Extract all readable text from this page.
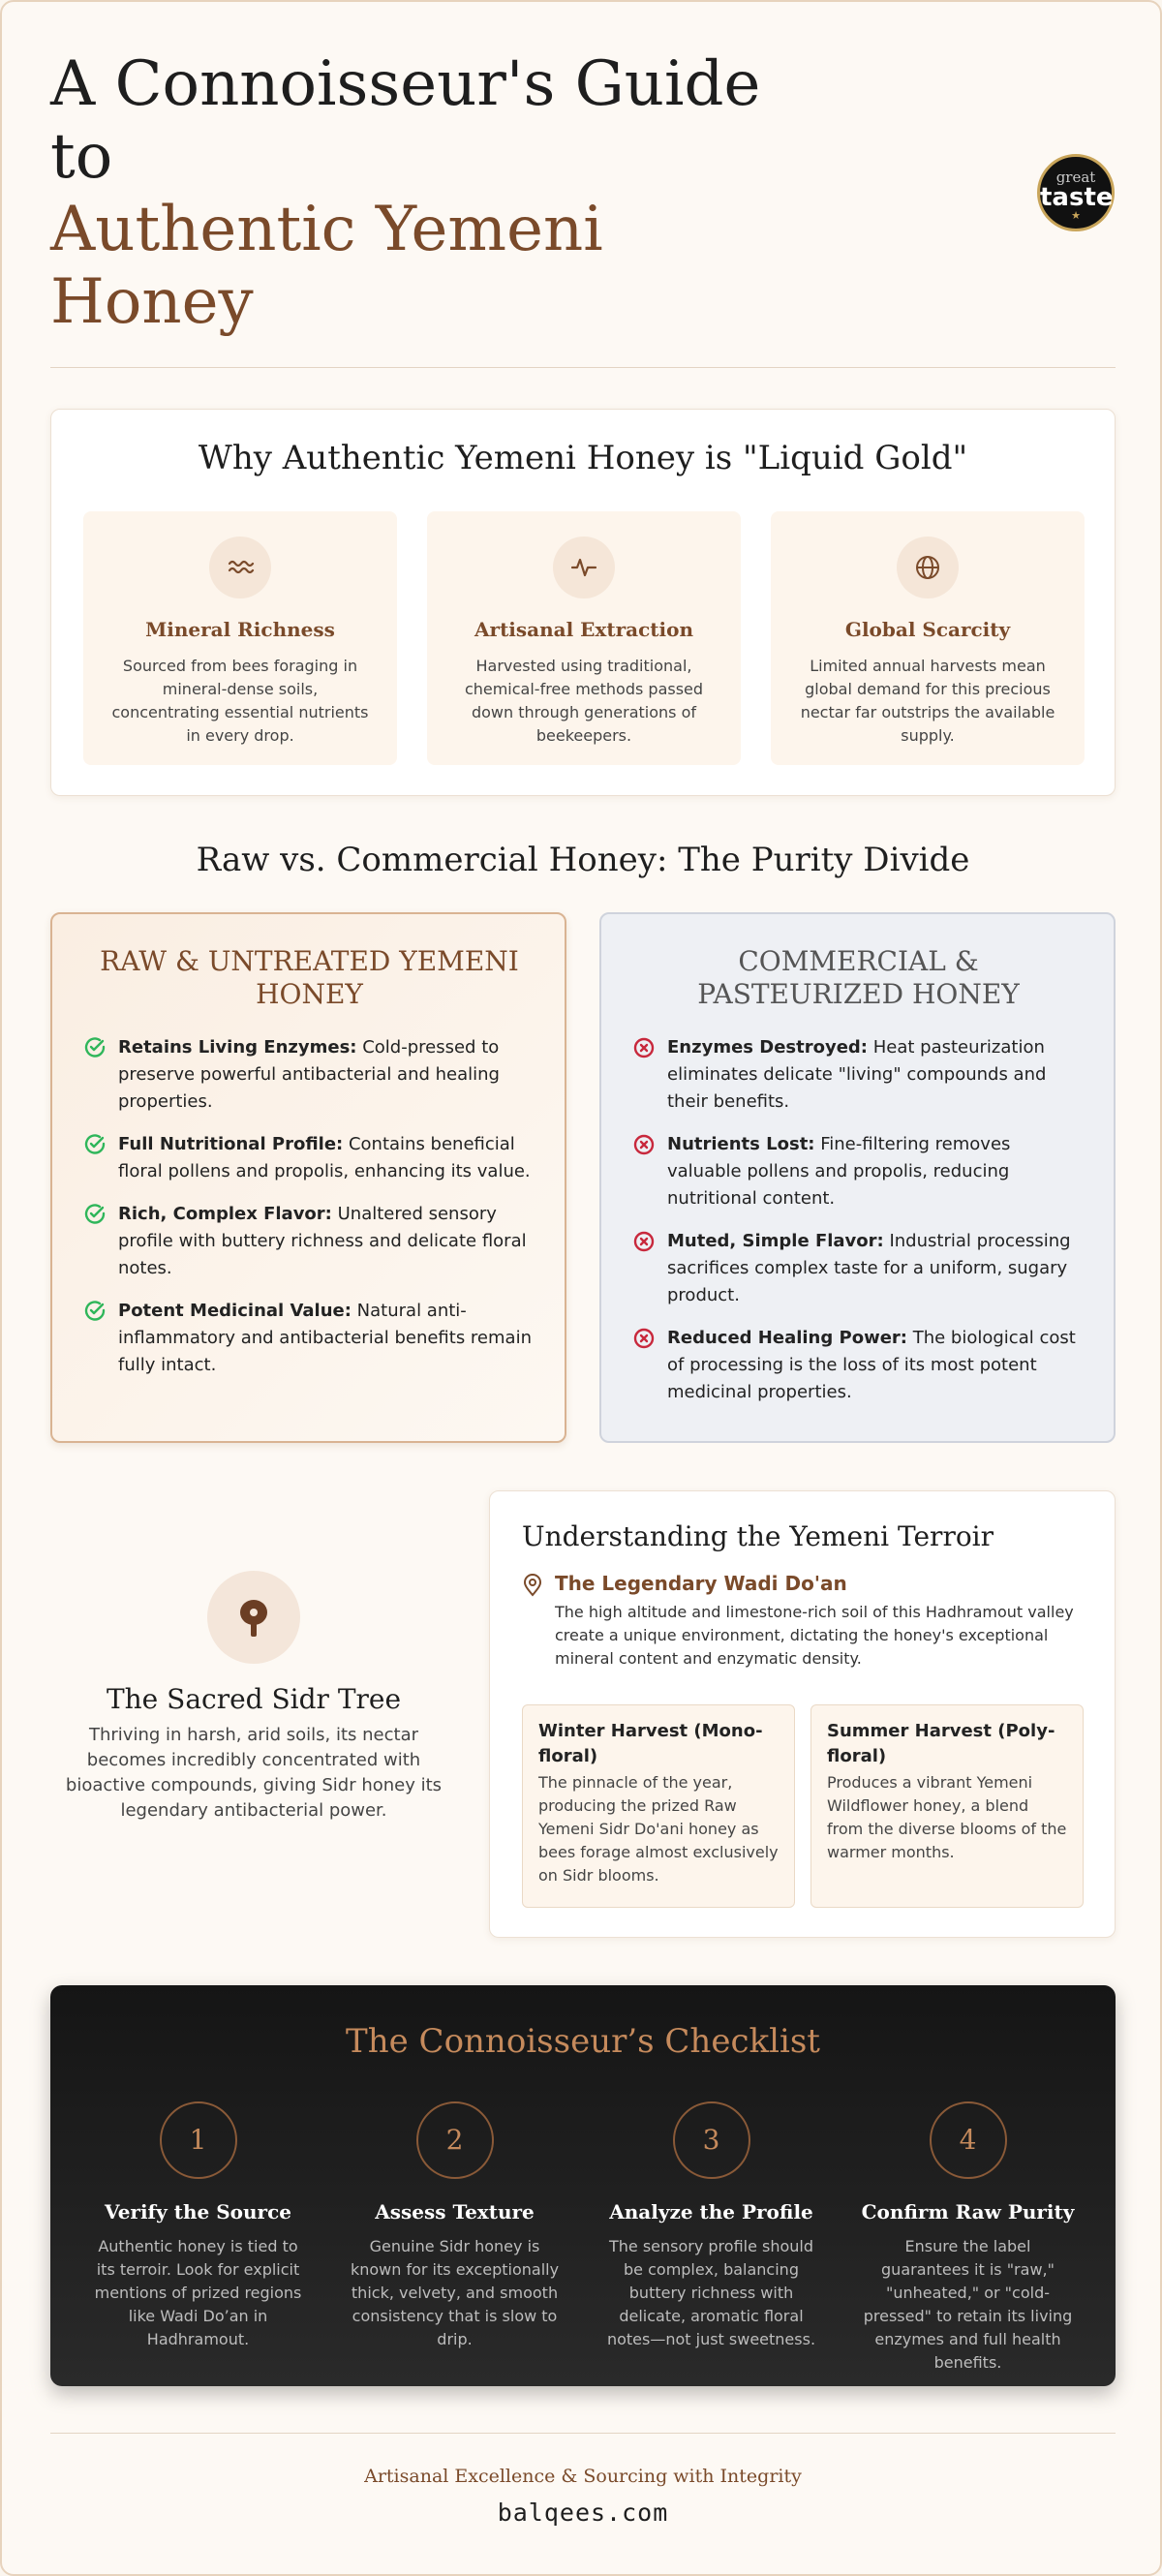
A Connoisseur's Guide
to
Authentic Yemeni
Honey
great
taste
★
Why Authentic Yemeni Honey is "Liquid Gold"
Mineral Richness

Sourced from bees foraging in mineral-dense soils, concentrating essential nutrients in every drop.

Artisanal Extraction

Harvested using traditional, chemical-free methods passed down through generations of beekeepers.

Global Scarcity

Limited annual harvests mean global demand for this precious nectar far outstrips the available supply.

Raw vs. Commercial Honey: The Purity Divide
RAW & UNTREATED YEMENI HONEY
Retains Living Enzymes: Cold-pressed to preserve powerful antibacterial and healing properties.
Full Nutritional Profile: Contains beneficial floral pollens and propolis, enhancing its value.
Rich, Complex Flavor: Unaltered sensory profile with buttery richness and delicate floral notes.
Potent Medicinal Value: Natural anti-inflammatory and antibacterial benefits remain fully intact.
COMMERCIAL & PASTEURIZED HONEY
Enzymes Destroyed: Heat pasteurization eliminates delicate "living" compounds and their benefits.
Nutrients Lost: Fine-filtering removes valuable pollens and propolis, reducing nutritional content.
Muted, Simple Flavor: Industrial processing sacrifices complex taste for a uniform, sugary product.
Reduced Healing Power: The biological cost of processing is the loss of its most potent medicinal properties.
The Sacred Sidr Tree

Thriving in harsh, arid soils, its nectar becomes incredibly concentrated with bioactive compounds, giving Sidr honey its legendary antibacterial power.

Understanding the Yemeni Terroir
The Legendary Wadi Do'an

The high altitude and limestone-rich soil of this Hadhramout valley create a unique environment, dictating the honey's exceptional mineral content and enzymatic density.

Winter Harvest (Mono-floral)

The pinnacle of the year, producing the prized Raw Yemeni Sidr Do'ani honey as bees forage almost exclusively on Sidr blooms.

Summer Harvest (Poly-floral)

Produces a vibrant Yemeni Wildflower honey, a blend from the diverse blooms of the warmer months.

The Connoisseur’s Checklist
1
Verify the Source

Authentic honey is tied to its terroir. Look for explicit mentions of prized regions like Wadi Do’an in Hadhramout.

2
Assess Texture

Genuine Sidr honey is known for its exceptionally thick, velvety, and smooth consistency that is slow to drip.

3
Analyze the Profile

The sensory profile should be complex, balancing buttery richness with delicate, aromatic floral notes—not just sweetness.

4
Confirm Raw Purity

Ensure the label guarantees it is "raw," "unheated," or "cold-pressed" to retain its living enzymes and full health benefits.

Artisanal Excellence & Sourcing with Integrity
balqees.com
